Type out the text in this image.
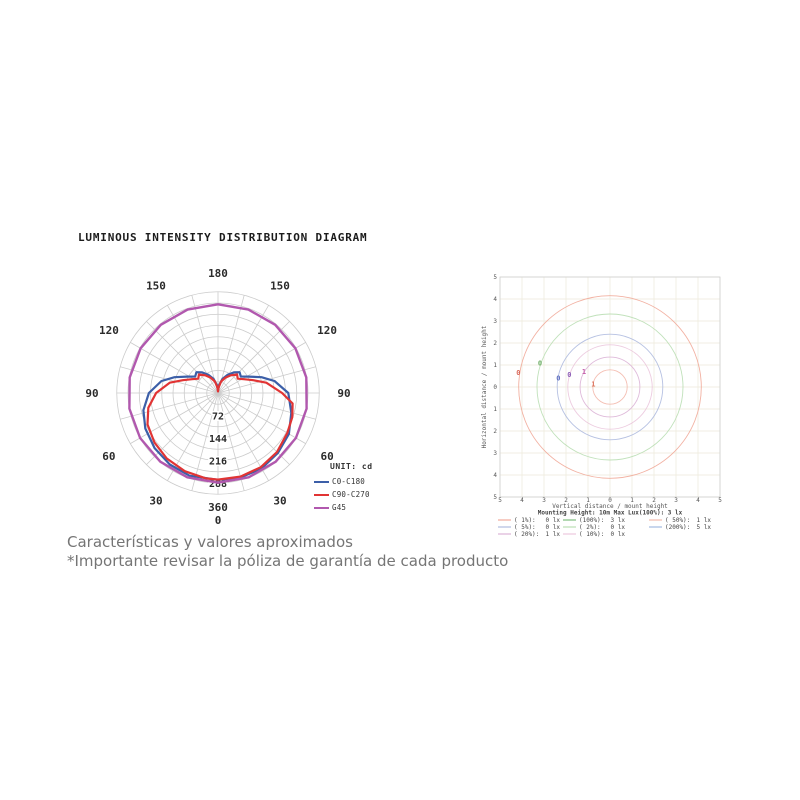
LUMINOUS INTENSITY DISTRIBUTION DIAGRAM
180
150
150
120
120
90
90
60
60
30
30
360
0
72
144
216
288
0
0
1
0
0
1
5	4	3	2	1	0	1	2	3	4	5
5
4
3
2
1
0
1
2
3
4
5
Horizontal distance / mount height
Vertical distance / mount height
Mounting Height: 10m Max Lux(100%): 3 lx
( 1%): 0 lx
( 5%): 0 lx
( 20%): 1 lx
(100%): 3 lx
( 2%): 0 lx
( 10%): 0 lx
( 50%): 1 lx
(200%): 5 lx
UNIT: cd
C0-C180
C90-C270
G45
Características y valores aproximados
*Importante revisar la póliza de garantía de cada producto
